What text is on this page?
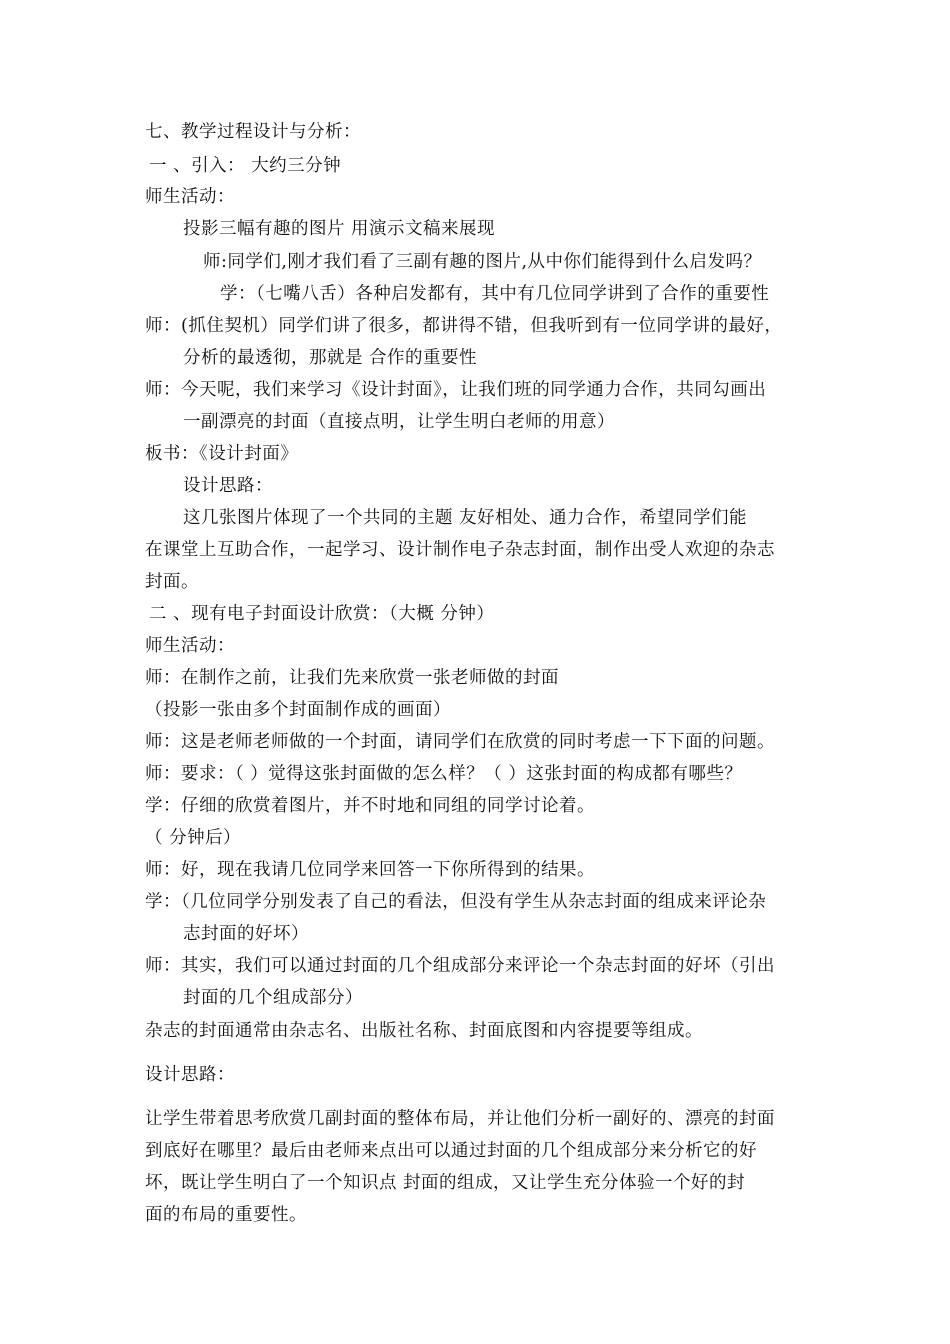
七、教学过程设计与分析：
一 、引入： 大约三分钟
师生活动：
投影三幅有趣的图片 用演示文稿来展现
师:同学们,刚才我们看了三副有趣的图片,从中你们能得到什么启发吗？
学：（七嘴八舌）各种启发都有，其中有几位同学讲到了合作的重要性
师：(抓住契机）同学们讲了很多，都讲得不错，但我听到有一位同学讲的最好，
分析的最透彻，那就是 合作的重要性
师：今天呢，我们来学习《设计封面》，让我们班的同学通力合作，共同勾画出
一副漂亮的封面（直接点明，让学生明白老师的用意）
板书：《设计封面》
设计思路：
这几张图片体现了一个共同的主题 友好相处、通力合作，希望同学们能
在课堂上互助合作，一起学习、设计制作电子杂志封面，制作出受人欢迎的杂志
封面。
二 、现有电子封面设计欣赏：（大概 分钟）
师生活动：
师：在制作之前，让我们先来欣赏一张老师做的封面
（投影一张由多个封面制作成的画面）
师：这是老师老师做的一个封面，请同学们在欣赏的同时考虑一下下面的问题。
师：要求：（ ）觉得这张封面做的怎么样？（ ）这张封面的构成都有哪些？
学：仔细的欣赏着图片，并不时地和同组的同学讨论着。
（ 分钟后）
师：好，现在我请几位同学来回答一下你所得到的结果。
学：（几位同学分别发表了自己的看法，但没有学生从杂志封面的组成来评论杂
志封面的好坏）
师：其实，我们可以通过封面的几个组成部分来评论一个杂志封面的好坏（引出
封面的几个组成部分）
杂志的封面通常由杂志名、出版社名称、封面底图和内容提要等组成。
设计思路：
让学生带着思考欣赏几副封面的整体布局，并让他们分析一副好的、漂亮的封面
到底好在哪里？最后由老师来点出可以通过封面的几个组成部分来分析它的好
坏，既让学生明白了一个知识点 封面的组成，又让学生充分体验一个好的封
面的布局的重要性。
